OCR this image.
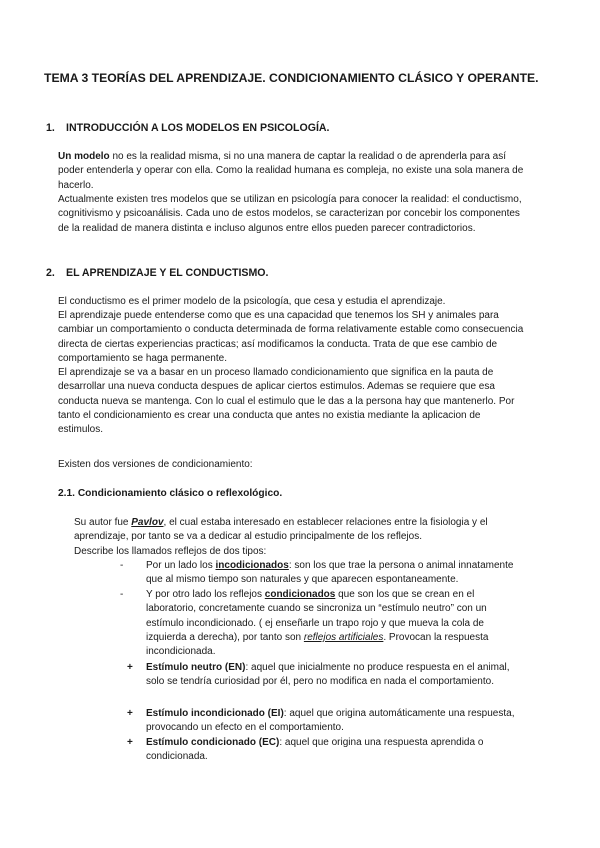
TEMA 3 TEORÍAS DEL APRENDIZAJE. CONDICIONAMIENTO CLÁSICO Y OPERANTE.
1. INTRODUCCIÓN A LOS MODELOS EN PSICOLOGÍA.

Un modelo no es la realidad misma, si no una manera de captar la realidad o de aprenderla para así poder entenderla y operar con ella. Como la realidad humana es compleja, no existe una sola manera de hacerlo.

Actualmente existen tres modelos que se utilizan en psicología para conocer la realidad: el conductismo, cognitivismo y psicoanálisis. Cada uno de estos modelos, se caracterizan por concebir los componentes de la realidad de manera distinta e incluso algunos entre ellos pueden parecer contradictorios.

2. EL APRENDIZAJE Y EL CONDUCTISMO.

El conductismo es el primer modelo de la psicología, que cesa y estudia el aprendizaje.

El aprendizaje puede entenderse como que es una capacidad que tenemos los SH y animales para cambiar un comportamiento o conducta determinada de forma relativamente estable como consecuencia directa de ciertas experiencias practicas; así modificamos la conducta. Trata de que ese cambio de comportamiento se haga permanente.

El aprendizaje se va a basar en un proceso llamado condicionamiento que significa en la pauta de desarrollar una nueva conducta despues de aplicar ciertos estimulos. Ademas se requiere que esa conducta nueva se mantenga. Con lo cual el estimulo que le das a la persona hay que mantenerlo. Por tanto el condicionamiento es crear una conducta que antes no existia mediante la aplicacion de estimulos.

Existen dos versiones de condicionamiento:

2.1. Condicionamiento clásico o reflexológico.

Su autor fue Pavlov, el cual estaba interesado en establecer relaciones entre la fisiologia y el aprendizaje, por tanto se va a dedicar al estudio principalmente de los reflejos.
Describe los llamados reflejos de dos tipos:

- Por un lado los incodicionados: son los que trae la persona o animal innatamente que al mismo tiempo son naturales y que aparecen espontaneamente.
- Y por otro lado los reflejos condicionados que son los que se crean en el laboratorio, concretamente cuando se sincroniza un “estímulo neutro” con un estímulo incondicionado. ( ej enseñarle un trapo rojo y que mueva la cola de izquierda a derecha), por tanto son reflejos artificiales. Provocan la respuesta incondicionada.
+ Estímulo neutro (EN): aquel que inicialmente no produce respuesta en el animal, solo se tendría curiosidad por él, pero no modifica en nada el comportamiento.
+ Estímulo incondicionado (EI): aquel que origina automáticamente una respuesta, provocando un efecto en el comportamiento.
+ Estímulo condicionado (EC): aquel que origina una respuesta aprendida o condicionada.
